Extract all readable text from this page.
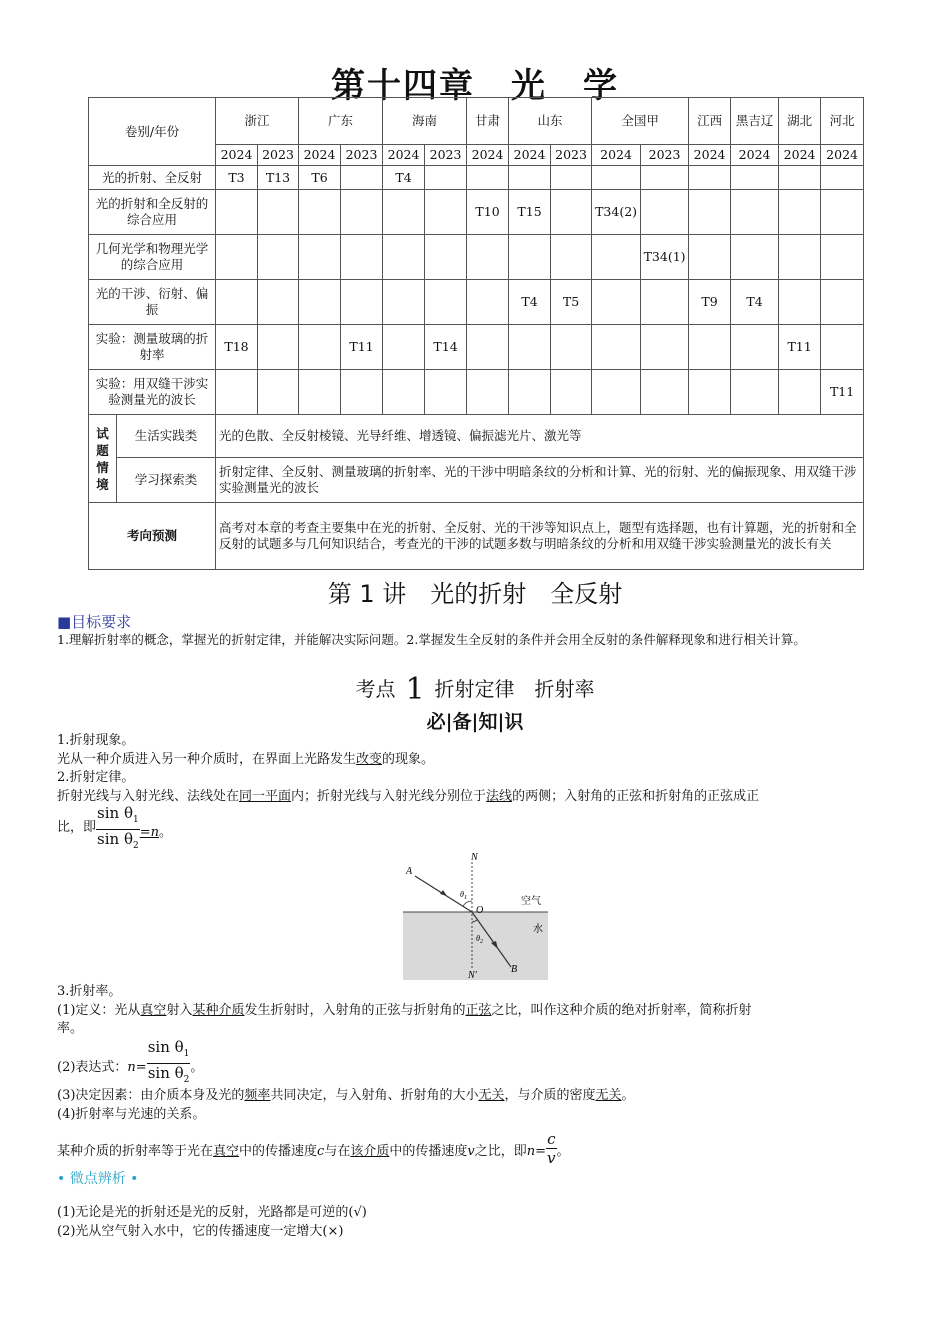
第十四章　光　学
卷别/年份		浙江		广东		海南		甘肃	山东		全国甲		江西	黑吉辽	湖北	河北
		2024	2023	2024	2023	2024	2023	2024	2024	2023	2024	2023	2024	2024	2024	2024
光的折射、全反射		T3	T13	T6		T4										
光的折射和全反射的综合应用								T10	T15		T34(2)					
几何光学和物理光学的综合应用												T34(1)				
光的干涉、衍射、偏振									T4	T5			T9	T4		
实验：测量玻璃的折射率		T18			T11		T14								T11	
实验：用双缝干涉实验测量光的波长																T11
试题情境	生活实践类	光的色散、全反射棱镜、光导纤维、增透镜、偏振滤光片、激光等														
	学习探索类	折射定律、全反射、测量玻璃的折射率、光的干涉中明暗条纹的分析和计算、光的衍射、光的偏振现象、用双缝干涉实验测量光的波长														
考向预测		高考对本章的考查主要集中在光的折射、全反射、光的干涉等知识点上，题型有选择题，也有计算题，光的折射和全反射的试题多与几何知识结合，考查光的干涉的试题多数与明暗条纹的分析和用双缝干涉实验测量光的波长有关														
第 1 讲　光的折射　全反射
■目标要求
1.理解折射率的概念，掌握光的折射定律，并能解决实际问题。2.掌握发生全反射的条件并会用全反射的条件解释现象和进行相关计算。
考点 1 折射定律　折射率
必|备|知|识
1.折射现象。
光从一种介质进入另一种介质时，在界面上光路发生改变的现象。
2.折射定律。
折射光线与入射光线、法线处在同一平面内；折射光线与入射光线分别位于法线的两侧；入射角的正弦和折射角的正弦成正
比，即 $\frac{\sin \theta_1}{\sin \theta_2} =n$。
A
N
N′
O
B
$\theta_1$
$\theta_2$
空气
水
3.折射率。
(1)定义：光从真空射入某种介质发生折射时，入射角的正弦与折射角的正弦之比，叫作这种介质的绝对折射率，简称折射
率。
(2)表达式：$n= \frac{\sin \theta_1}{\sin \theta_2}$ 。
(3)决定因素：由介质本身及光的频率共同决定，与入射角、折射角的大小无关，与介质的密度无关。
(4)折射率与光速的关系。
某种介质的折射率等于光在真空中的传播速度c与在该介质中的传播速度v之比，即$n= \frac{c}{v}$ 。
• 微点辨析 •
(1)无论是光的折射还是光的反射，光路都是可逆的(√)
(2)光从空气射入水中，它的传播速度一定增大(×)
